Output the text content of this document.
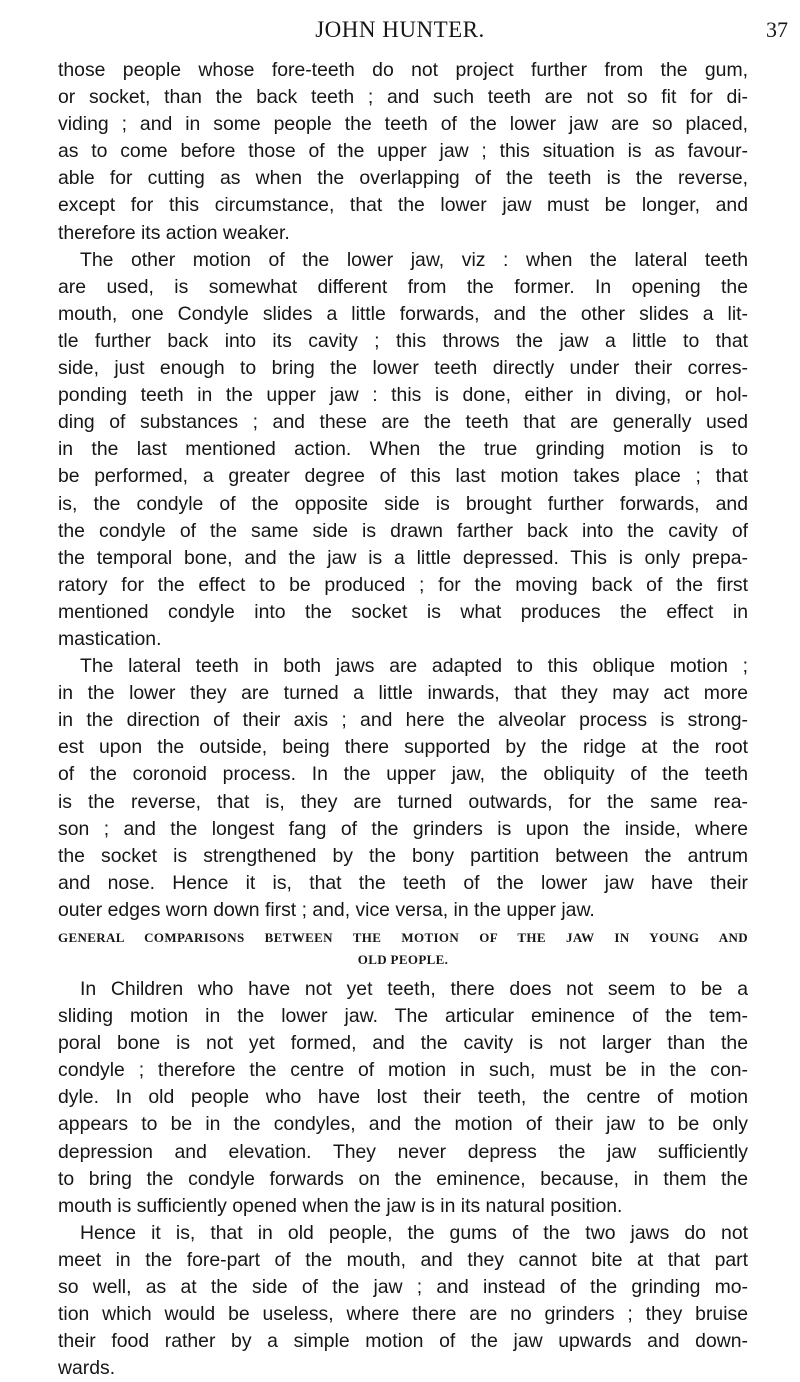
JOHN HUNTER.	37
those people whose fore-teeth do not project further from the gum,
or socket, than the back teeth ; and such teeth are not so fit for di-
viding ; and in some people the teeth of the lower jaw are so placed,
as to come before those of the upper jaw ; this situation is as favour-
able for cutting as when the overlapping of the teeth is the reverse,
except for this circumstance, that the lower jaw must be longer, and
therefore its action weaker.
The other motion of the lower jaw, viz : when the lateral teeth
are used, is somewhat different from the former. In opening the
mouth, one Condyle slides a little forwards, and the other slides a lit-
tle further back into its cavity ; this throws the jaw a little to that
side, just enough to bring the lower teeth directly under their corres-
ponding teeth in the upper jaw : this is done, either in diving, or hol-
ding of substances ; and these are the teeth that are generally used
in the last mentioned action. When the true grinding motion is to
be performed, a greater degree of this last motion takes place ; that
is, the condyle of the opposite side is brought further forwards, and
the condyle of the same side is drawn farther back into the cavity of
the temporal bone, and the jaw is a little depressed. This is only prepa-
ratory for the effect to be produced ; for the moving back of the first
mentioned condyle into the socket is what produces the effect in
mastication.
The lateral teeth in both jaws are adapted to this oblique motion ;
in the lower they are turned a little inwards, that they may act more
in the direction of their axis ; and here the alveolar process is strong-
est upon the outside, being there supported by the ridge at the root
of the coronoid process. In the upper jaw, the obliquity of the teeth
is the reverse, that is, they are turned outwards, for the same rea-
son ; and the longest fang of the grinders is upon the inside, where
the socket is strengthened by the bony partition between the antrum
and nose. Hence it is, that the teeth of the lower jaw have their
outer edges worn down first ; and, vice versa, in the upper jaw.
GENERAL COMPARISONS BETWEEN THE MOTION OF THE JAW IN YOUNG AND
OLD PEOPLE.
In Children who have not yet teeth, there does not seem to be a
sliding motion in the lower jaw. The articular eminence of the tem-
poral bone is not yet formed, and the cavity is not larger than the
condyle ; therefore the centre of motion in such, must be in the con-
dyle. In old people who have lost their teeth, the centre of motion
appears to be in the condyles, and the motion of their jaw to be only
depression and elevation. They never depress the jaw sufficiently
to bring the condyle forwards on the eminence, because, in them the
mouth is sufficiently opened when the jaw is in its natural position.
Hence it is, that in old people, the gums of the two jaws do not
meet in the fore-part of the mouth, and they cannot bite at that part
so well, as at the side of the jaw ; and instead of the grinding mo-
tion which would be useless, where there are no grinders ; they bruise
their food rather by a simple motion of the jaw upwards and down-
wards.
